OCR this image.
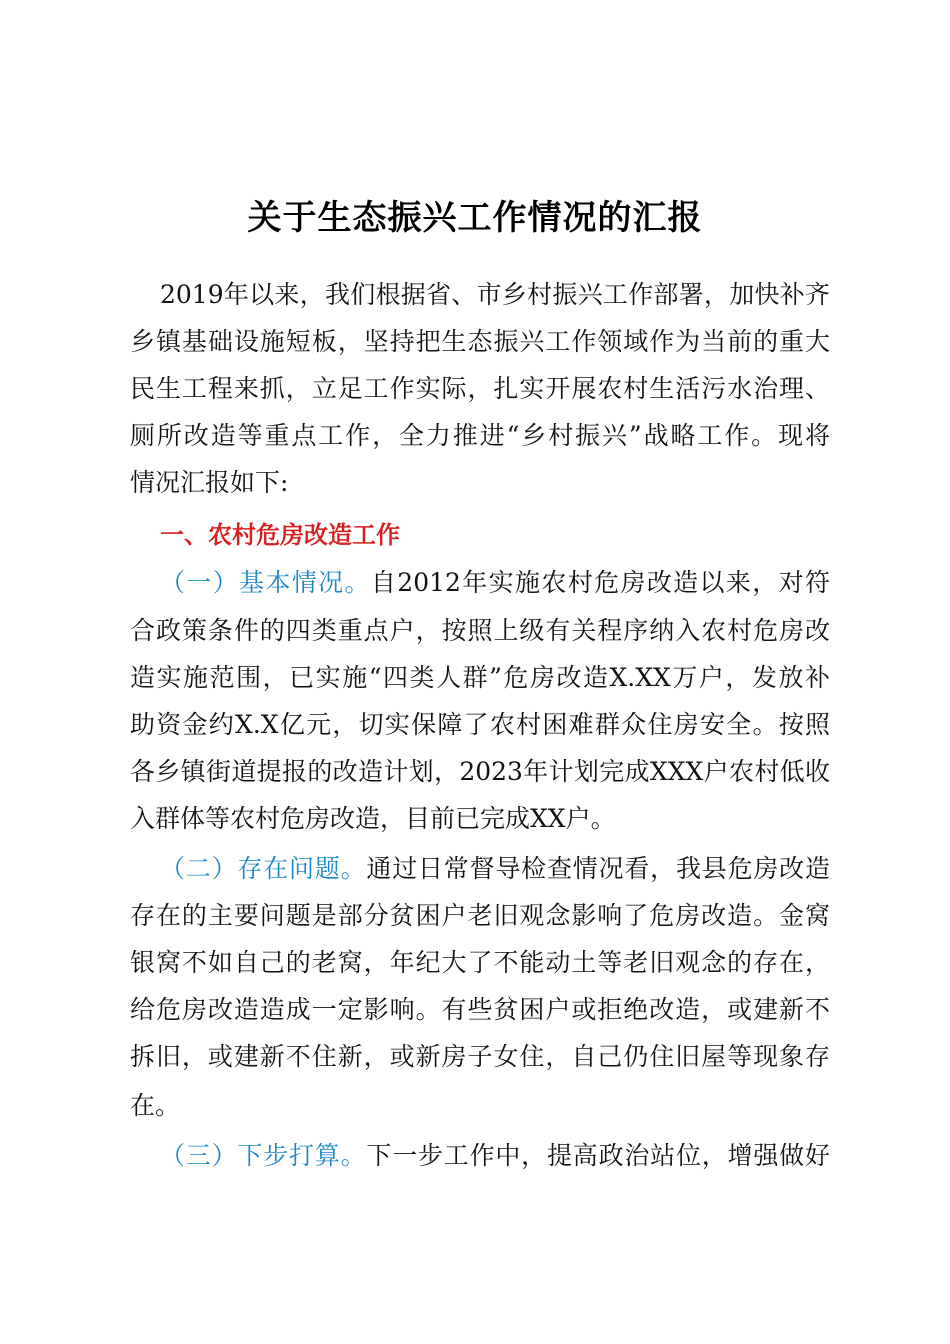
关于生态振兴工作情况的汇报
2019年以来，我们根据省、市乡村振兴工作部署，加快补齐
乡镇基础设施短板，坚持把生态振兴工作领域作为当前的重大
民生工程来抓，立足工作实际，扎实开展农村生活污水治理、
厕所改造等重点工作，全力推进“乡村振兴”战略工作。现将
情况汇报如下:
一、农村危房改造工作
（一）基本情况。自2012年实施农村危房改造以来，对符
合政策条件的四类重点户，按照上级有关程序纳入农村危房改
造实施范围，已实施“四类人群”危房改造X.XX万户，发放补
助资金约X.X亿元，切实保障了农村困难群众住房安全。按照
各乡镇街道提报的改造计划，2023年计划完成XXX户农村低收
入群体等农村危房改造，目前已完成XX户。
（二）存在问题。通过日常督导检查情况看，我县危房改造
存在的主要问题是部分贫困户老旧观念影响了危房改造。金窝
银窝不如自己的老窝，年纪大了不能动土等老旧观念的存在，
给危房改造造成一定影响。有些贫困户或拒绝改造，或建新不
拆旧，或建新不住新，或新房子女住，自己仍住旧屋等现象存
在。
（三）下步打算。下一步工作中，提高政治站位，增强做好
